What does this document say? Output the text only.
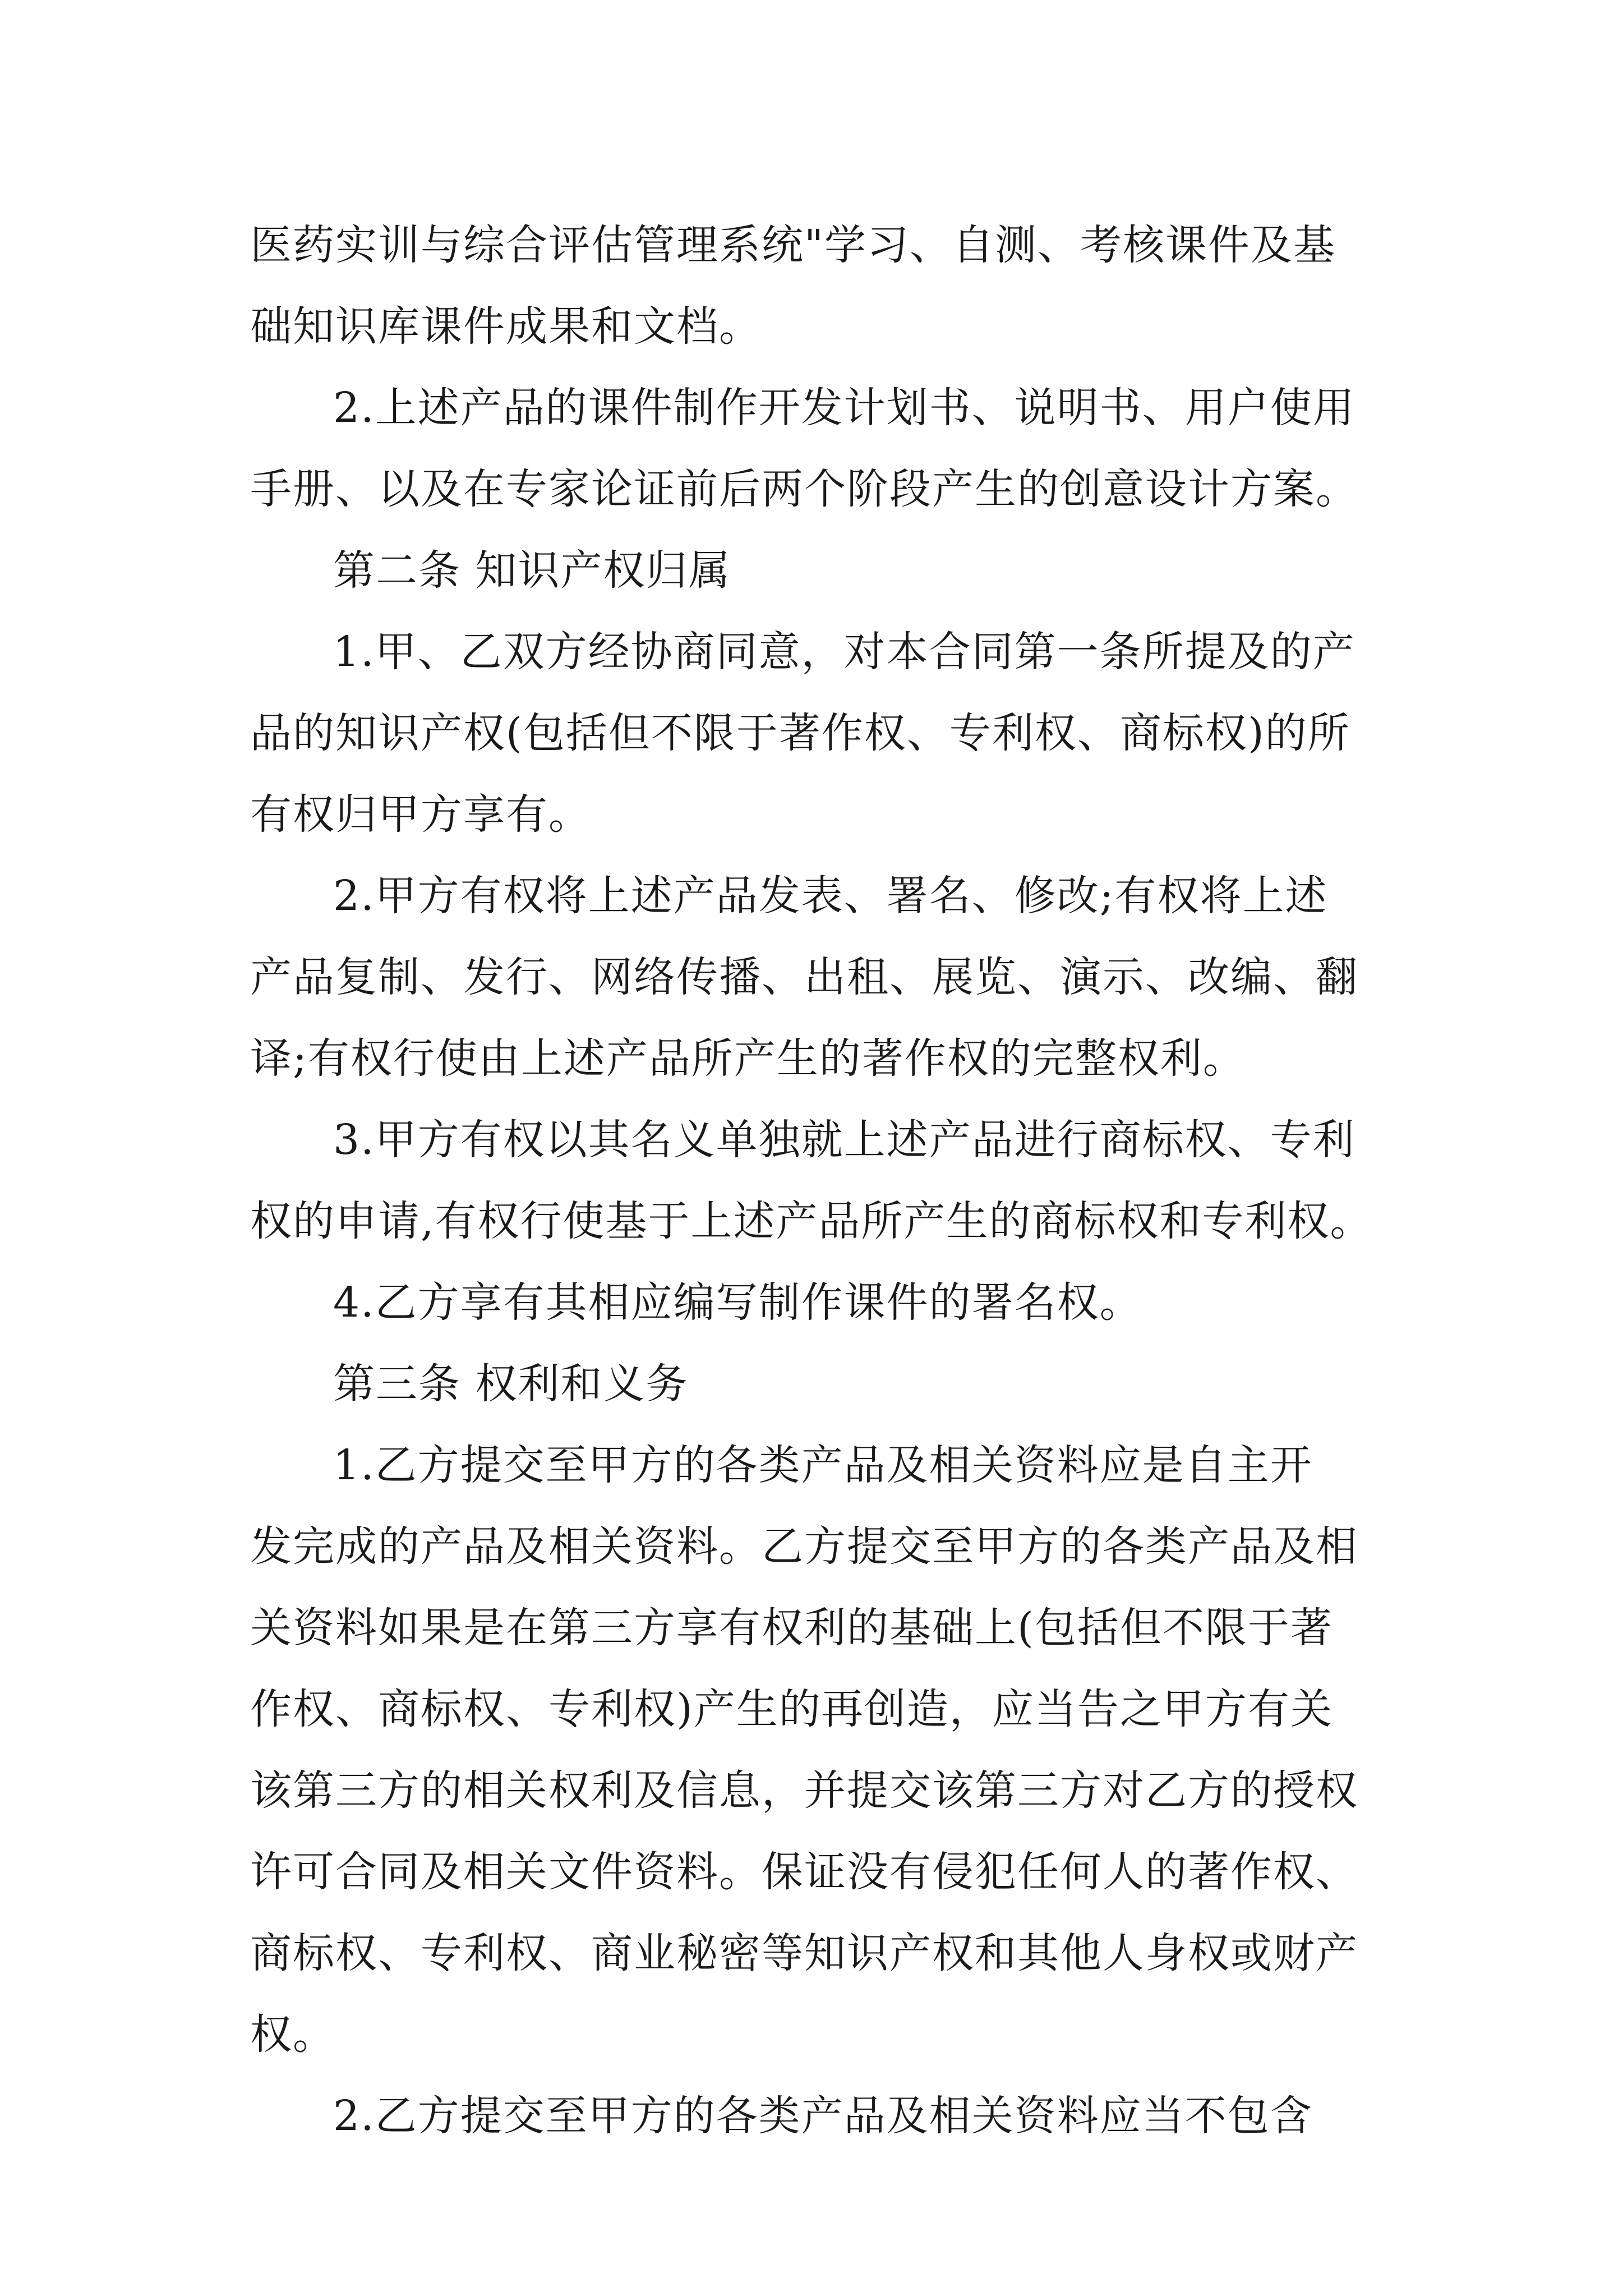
医药实训与综合评估管理系统"学习、自测、考核课件及基
础知识库课件成果和文档。
2.上述产品的课件制作开发计划书、说明书、用户使用
手册、以及在专家论证前后两个阶段产生的创意设计方案。
第二条 知识产权归属
1.甲、乙双方经协商同意，对本合同第一条所提及的产
品的知识产权(包括但不限于著作权、专利权、商标权)的所
有权归甲方享有。
2.甲方有权将上述产品发表、署名、修改;有权将上述
产品复制、发行、网络传播、出租、展览、演示、改编、翻
译;有权行使由上述产品所产生的著作权的完整权利。
3.甲方有权以其名义单独就上述产品进行商标权、专利
权的申请,有权行使基于上述产品所产生的商标权和专利权。
4.乙方享有其相应编写制作课件的署名权。
第三条 权利和义务
1.乙方提交至甲方的各类产品及相关资料应是自主开
发完成的产品及相关资料。乙方提交至甲方的各类产品及相
关资料如果是在第三方享有权利的基础上(包括但不限于著
作权、商标权、专利权)产生的再创造，应当告之甲方有关
该第三方的相关权利及信息，并提交该第三方对乙方的授权
许可合同及相关文件资料。保证没有侵犯任何人的著作权、
商标权、专利权、商业秘密等知识产权和其他人身权或财产
权。
2.乙方提交至甲方的各类产品及相关资料应当不包含
